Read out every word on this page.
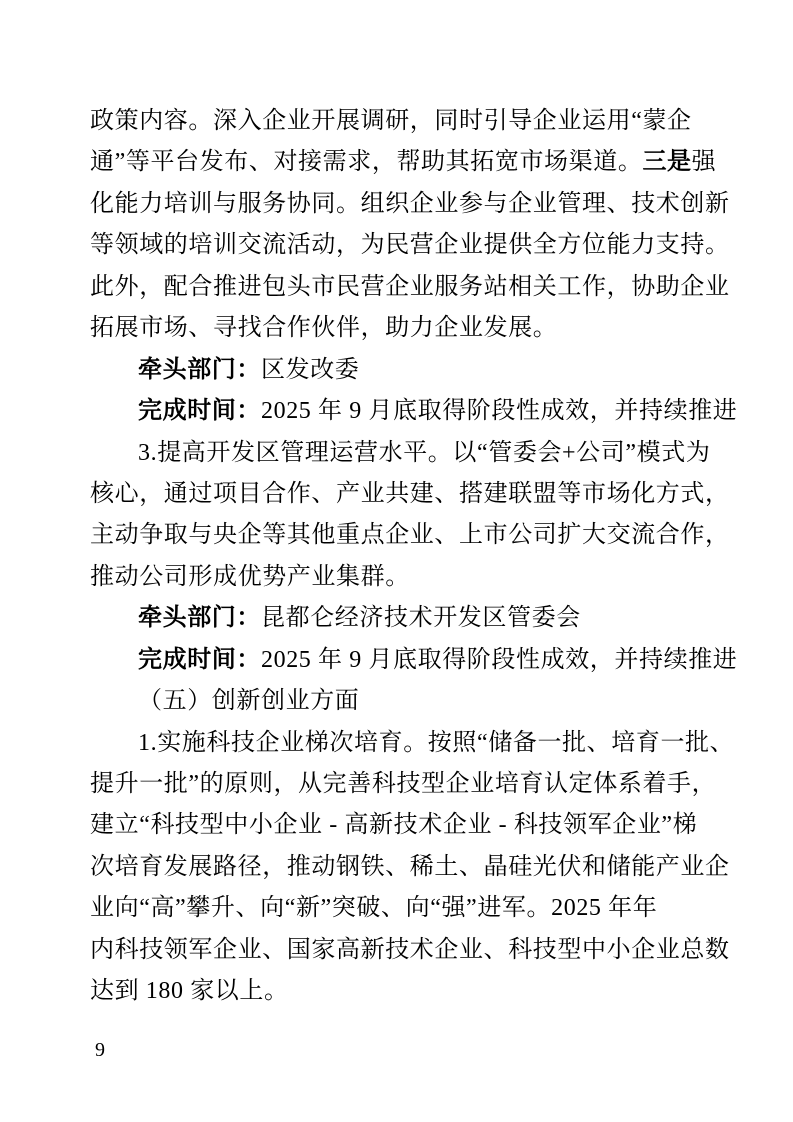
政策内容。深入企业开展调研，同时引导企业运用“蒙企
通”等平台发布、对接需求，帮助其拓宽市场渠道。三是强
化能力培训与服务协同。组织企业参与企业管理、技术创新
等领域的培训交流活动，为民营企业提供全方位能力支持。
此外，配合推进包头市民营企业服务站相关工作，协助企业
拓展市场、寻找合作伙伴，助力企业发展。
牵头部门：区发改委
完成时间：2025 年 9 月底取得阶段性成效，并持续推进
3.提高开发区管理运营水平。以“管委会+公司”模式为
核心，通过项目合作、产业共建、搭建联盟等市场化方式，
主动争取与央企等其他重点企业、上市公司扩大交流合作，
推动公司形成优势产业集群。
牵头部门：昆都仑经济技术开发区管委会
完成时间：2025 年 9 月底取得阶段性成效，并持续推进
（五）创新创业方面
1.实施科技企业梯次培育。按照“储备一批、培育一批、
提升一批”的原则，从完善科技型企业培育认定体系着手，
建立“科技型中小企业 - 高新技术企业 - 科技领军企业”梯
次培育发展路径，推动钢铁、稀土、晶硅光伏和储能产业企
业向“高”攀升、向“新”突破、向“强”进军。2025 年年
内科技领军企业、国家高新技术企业、科技型中小企业总数
达到 180 家以上。
9
